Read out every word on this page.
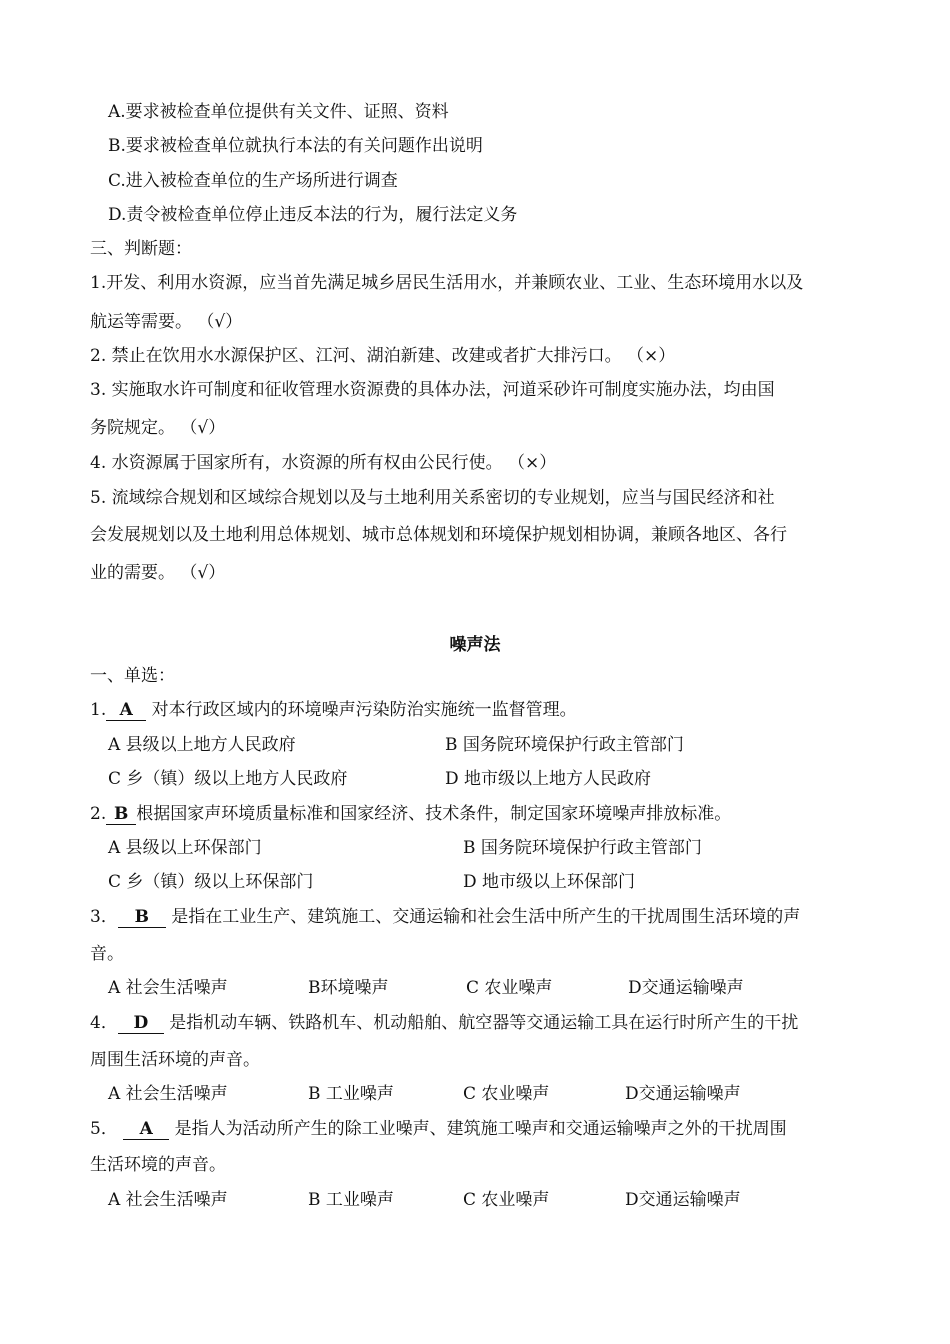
A.要求被检查单位提供有关文件、证照、资料
B.要求被检查单位就执行本法的有关问题作出说明
C.进入被检查单位的生产场所进行调查
D.责令被检查单位停止违反本法的行为，履行法定义务
三、判断题：
1.开发、利用水资源，应当首先满足城乡居民生活用水，并兼顾农业、工业、生态环境用水以及
航运等需要。 （√）
2. 禁止在饮用水水源保护区、江河、湖泊新建、改建或者扩大排污口。 （×）
3. 实施取水许可制度和征收管理水资源费的具体办法，河道采砂许可制度实施办法，均由国
务院规定。 （√）
4. 水资源属于国家所有，水资源的所有权由公民行使。 （×）
5. 流域综合规划和区域综合规划以及与土地利用关系密切的专业规划，应当与国民经济和社
会发展规划以及土地利用总体规划、城市总体规划和环境保护规划相协调，兼顾各地区、各行
业的需要。 （√）
噪声法
一、单选：
1. A 对本行政区域内的环境噪声污染防治实施统一监督管理。
A 县级以上地方人民政府	B 国务院环境保护行政主管部门
C 乡（镇）级以上地方人民政府	D 地市级以上地方人民政府
2. B 根据国家声环境质量标准和国家经济、技术条件，制定国家环境噪声排放标准。
A 县级以上环保部门	B 国务院环境保护行政主管部门
C 乡（镇）级以上环保部门	D 地市级以上环保部门
3． B 是指在工业生产、建筑施工、交通运输和社会生活中所产生的干扰周围生活环境的声
音。
A 社会生活噪声	B环境噪声	C 农业噪声	D交通运输噪声
4． D 是指机动车辆、铁路机车、机动船舶、航空器等交通运输工具在运行时所产生的干扰
周围生活环境的声音。
A 社会生活噪声	B 工业噪声	C 农业噪声	D交通运输噪声
5． A 是指人为活动所产生的除工业噪声、建筑施工噪声和交通运输噪声之外的干扰周围
生活环境的声音。
A 社会生活噪声	B 工业噪声	C 农业噪声	D交通运输噪声
